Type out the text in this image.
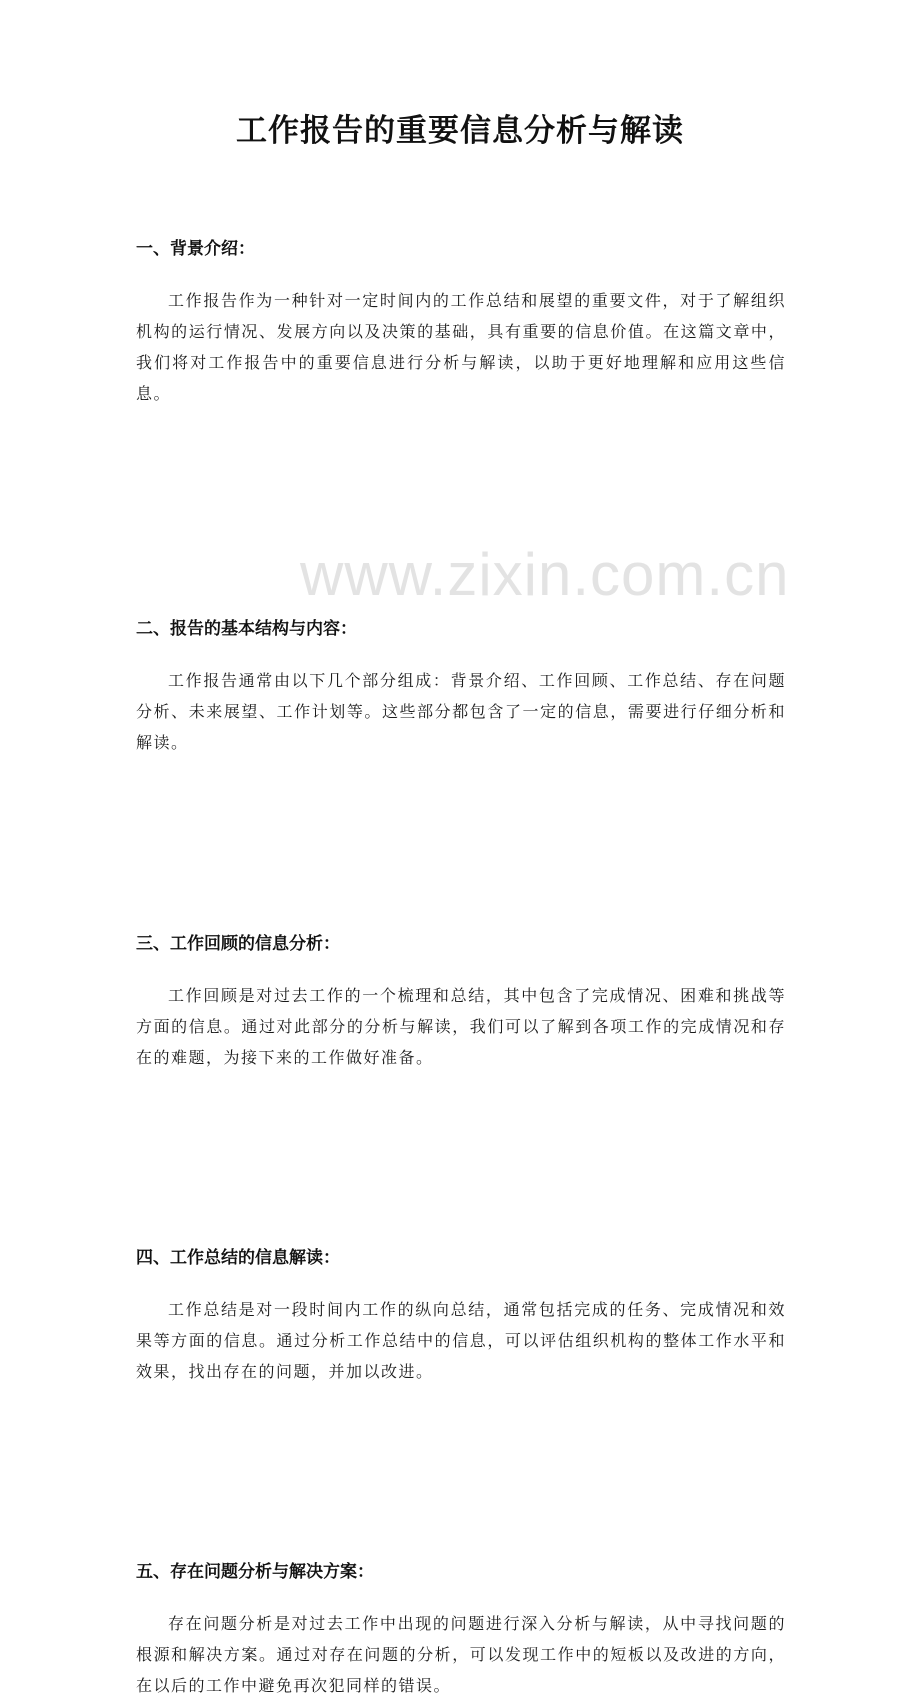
www.zixin.com.cn
工作报告的重要信息分析与解读
一、背景介绍：

工作报告作为一种针对一定时间内的工作总结和展望的重要文件，对于了解组织机构的运行情况、发展方向以及决策的基础，具有重要的信息价值。在这篇文章中，我们将对工作报告中的重要信息进行分析与解读，以助于更好地理解和应用这些信息。

二、报告的基本结构与内容：

工作报告通常由以下几个部分组成：背景介绍、工作回顾、工作总结、存在问题分析、未来展望、工作计划等。这些部分都包含了一定的信息，需要进行仔细分析和解读。

三、工作回顾的信息分析：

工作回顾是对过去工作的一个梳理和总结，其中包含了完成情况、困难和挑战等方面的信息。通过对此部分的分析与解读，我们可以了解到各项工作的完成情况和存在的难题，为接下来的工作做好准备。

四、工作总结的信息解读：

工作总结是对一段时间内工作的纵向总结，通常包括完成的任务、完成情况和效果等方面的信息。通过分析工作总结中的信息，可以评估组织机构的整体工作水平和效果，找出存在的问题，并加以改进。

五、存在问题分析与解决方案：

存在问题分析是对过去工作中出现的问题进行深入分析与解读，从中寻找问题的根源和解决方案。通过对存在问题的分析，可以发现工作中的短板以及改进的方向，在以后的工作中避免再次犯同样的错误。
